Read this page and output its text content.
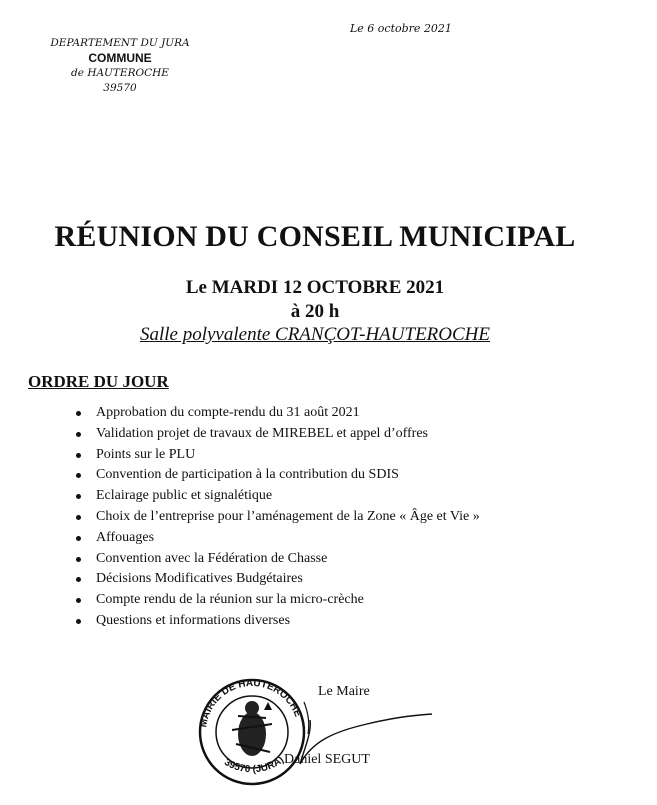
DEPARTEMENT DU JURA
COMMUNE
de HAUTEROCHE
39570
Le 6 octobre 2021
RÉUNION DU CONSEIL MUNICIPAL
Le MARDI 12 OCTOBRE 2021
à 20 h
Salle polyvalente CRANÇOT-HAUTEROCHE
ORDRE DU JOUR
Approbation du compte-rendu du 31 août 2021
Validation projet de travaux de MIREBEL et appel d’offres
Points sur le PLU
Convention de participation à la contribution du SDIS
Eclairage public et signalétique
Choix de l’entreprise pour l’aménagement de la Zone « Âge et Vie »
Affouages
Convention avec la Fédération de Chasse
Décisions Modificatives Budgétaires
Compte rendu de la réunion sur la micro-crèche
Questions et informations diverses
MAIRIE DE HAUTEROCHE
39570 (JURA)
Le Maire
Daniel SEGUT
